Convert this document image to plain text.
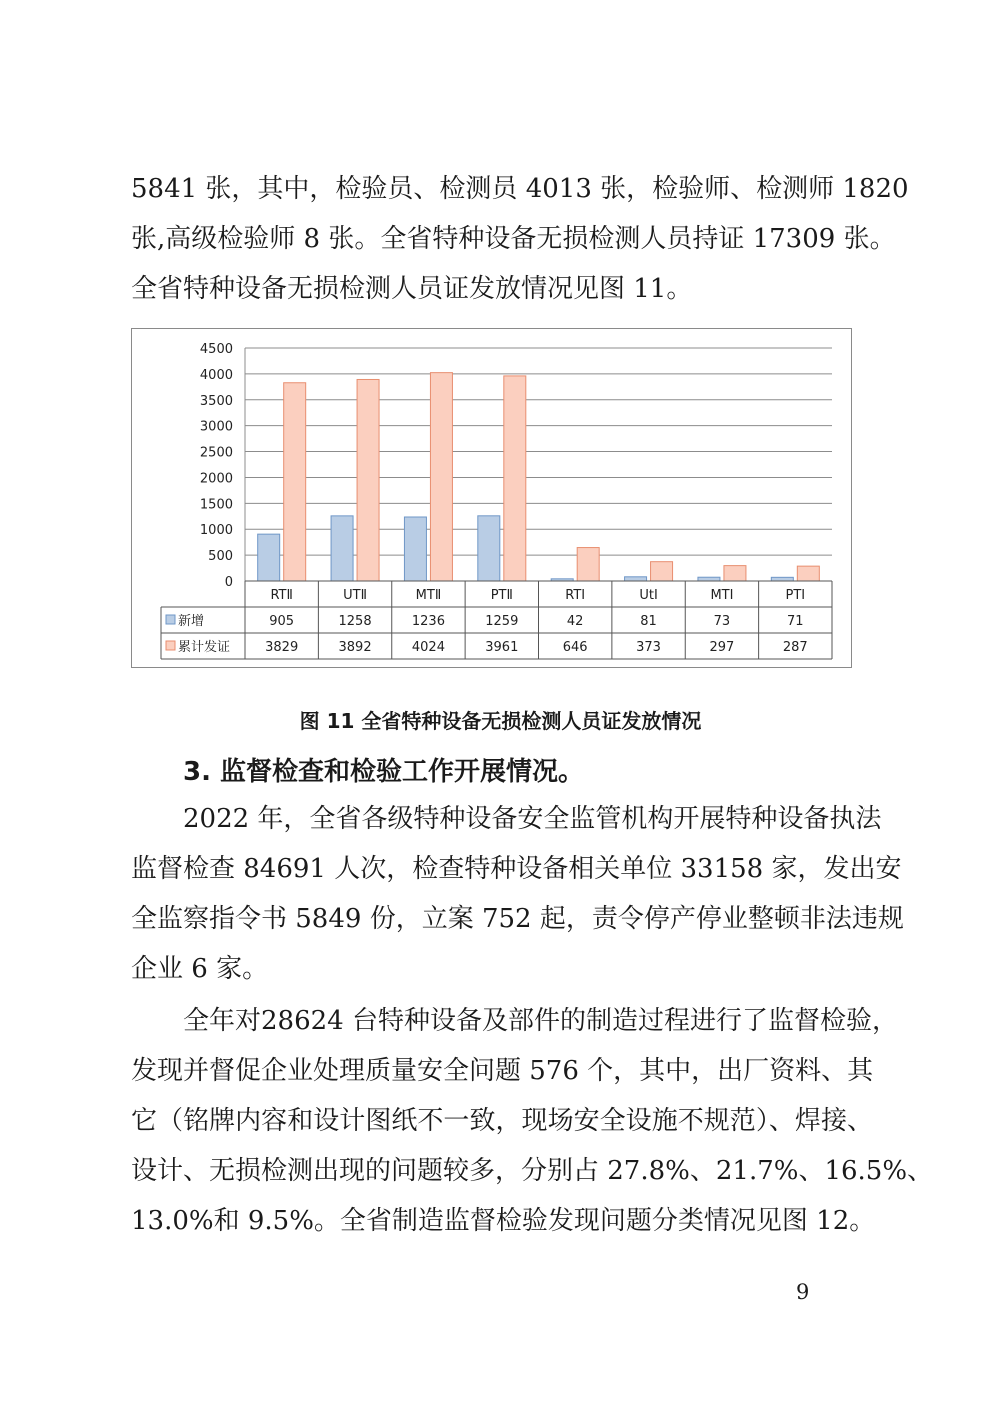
5841 张，其中，检验员、检测员 4013 张，检验师、检测师 1820
张,高级检验师 8 张。全省特种设备无损检测人员持证 17309 张。
全省特种设备无损检测人员证发放情况见图 11。
0
500
1000
1500
2000
2500
3000
3500
4000
4500
RTⅡ	UTⅡ	MTⅡ	PTⅡ	RTⅠ	UtⅠ	MTⅠ	PTⅠ
新增	905	1258	1236	1259	42	81	73	71
累计发证	3829	3892	4024	3961	646	373	297	287
图 11 全省特种设备无损检测人员证发放情况
3. 监督检查和检验工作开展情况。
2022 年，全省各级特种设备安全监管机构开展特种设备执法
监督检查 84691 人次，检查特种设备相关单位 33158 家，发出安
全监察指令书 5849 份，立案 752 起，责令停产停业整顿非法违规
企业 6 家。
全年对28624 台特种设备及部件的制造过程进行了监督检验，
发现并督促企业处理质量安全问题 576 个，其中，出厂资料、其
它（铭牌内容和设计图纸不一致，现场安全设施不规范）、焊接、
设计、无损检测出现的问题较多，分别占 27.8%、21.7%、16.5%、
13.0%和 9.5%。全省制造监督检验发现问题分类情况见图 12。
9
